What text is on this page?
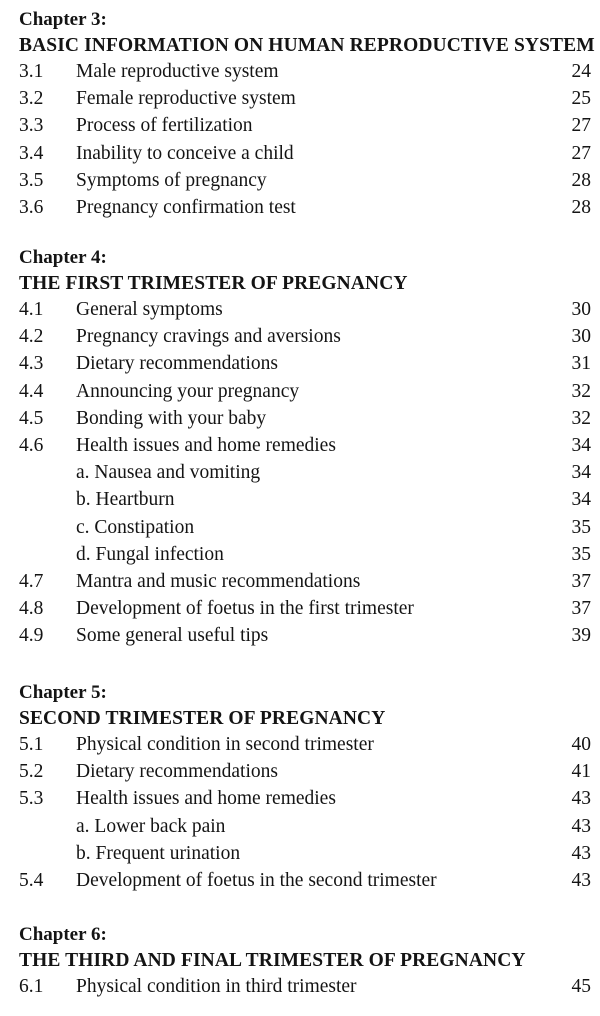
Chapter 3:
BASIC INFORMATION ON HUMAN REPRODUCTIVE SYSTEM
3.1 Male reproductive system	24
3.2 Female reproductive system	25
3.3 Process of fertilization	27
3.4 Inability to conceive a child	27
3.5 Symptoms of pregnancy	28
3.6 Pregnancy confirmation test	28
Chapter 4:
THE FIRST TRIMESTER OF PREGNANCY
4.1 General symptoms	30
4.2 Pregnancy cravings and aversions	30
4.3 Dietary recommendations	31
4.4 Announcing your pregnancy	32
4.5 Bonding with your baby	32
4.6 Health issues and home remedies	34
a. Nausea and vomiting	34
b. Heartburn	34
c. Constipation	35
d. Fungal infection	35
4.7 Mantra and music recommendations	37
4.8 Development of foetus in the first trimester	37
4.9 Some general useful tips	39
Chapter 5:
SECOND TRIMESTER OF PREGNANCY
5.1 Physical condition in second trimester	40
5.2 Dietary recommendations	41
5.3 Health issues and home remedies	43
a. Lower back pain	43
b. Frequent urination	43
5.4 Development of foetus in the second trimester	43
Chapter 6:
THE THIRD AND FINAL TRIMESTER OF PREGNANCY
6.1 Physical condition in third trimester	45
